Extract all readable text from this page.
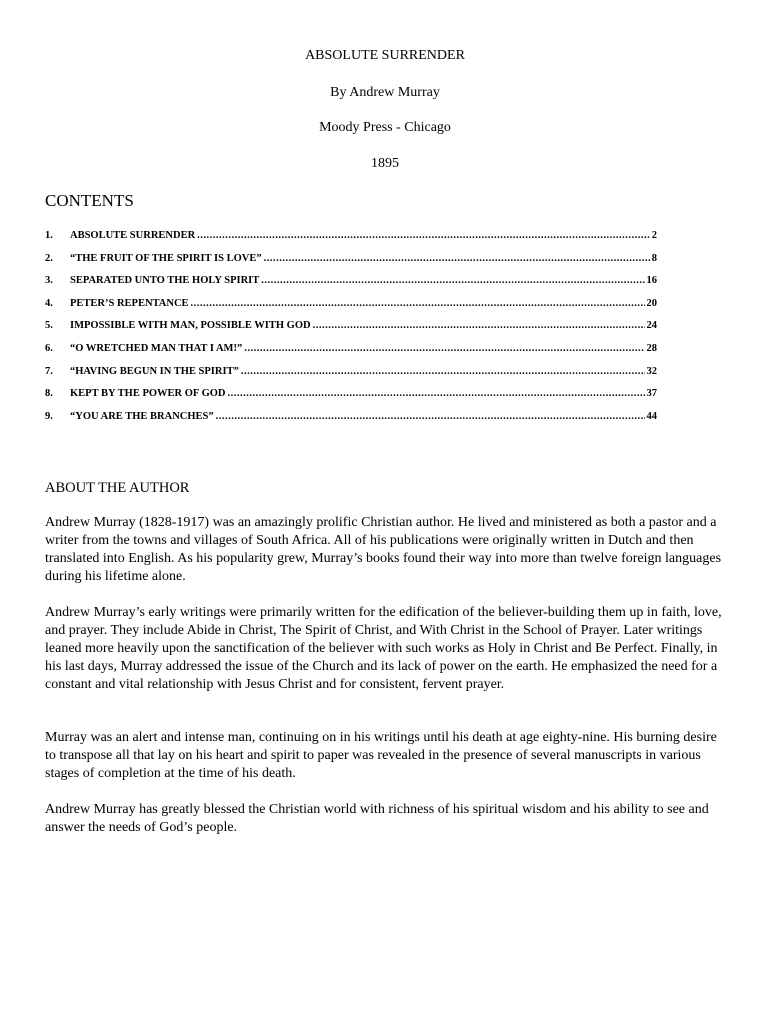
ABSOLUTE SURRENDER
By Andrew Murray
Moody Press - Chicago
1895
CONTENTS
1.	ABSOLUTE SURRENDER .....	2
2.	“THE FRUIT OF THE SPIRIT IS LOVE” .....	8
3.	SEPARATED UNTO THE HOLY SPIRIT .....	16
4.	PETER’S REPENTANCE .....	20
5.	IMPOSSIBLE WITH MAN, POSSIBLE WITH GOD .....	24
6.	“O WRETCHED MAN THAT I AM!” .....	28
7.	“HAVING BEGUN IN THE SPIRIT” .....	32
8.	KEPT BY THE POWER OF GOD .....	37
9.	“YOU ARE THE BRANCHES” .....	44
ABOUT THE AUTHOR

Andrew Murray (1828-1917) was an amazingly prolific Christian author. He lived and ministered as both a pastor and a writer from the towns and villages of South Africa. All of his publications were originally written in Dutch and then translated into English. As his popularity grew, Murray’s books found their way into more than twelve foreign languages during his lifetime alone.

Andrew Murray’s early writings were primarily written for the edification of the believer-building them up in faith, love, and prayer. They include Abide in Christ, The Spirit of Christ, and With Christ in the School of Prayer. Later writings leaned more heavily upon the sanctification of the believer with such works as Holy in Christ and Be Perfect. Finally, in his last days, Murray addressed the issue of the Church and its lack of power on the earth. He emphasized the need for a constant and vital relationship with Jesus Christ and for consistent, fervent prayer.

Murray was an alert and intense man, continuing on in his writings until his death at age eighty-nine. His burning desire to transpose all that lay on his heart and spirit to paper was revealed in the presence of several manuscripts in various stages of completion at the time of his death.

Andrew Murray has greatly blessed the Christian world with richness of his spiritual wisdom and his ability to see and answer the needs of God’s people.
